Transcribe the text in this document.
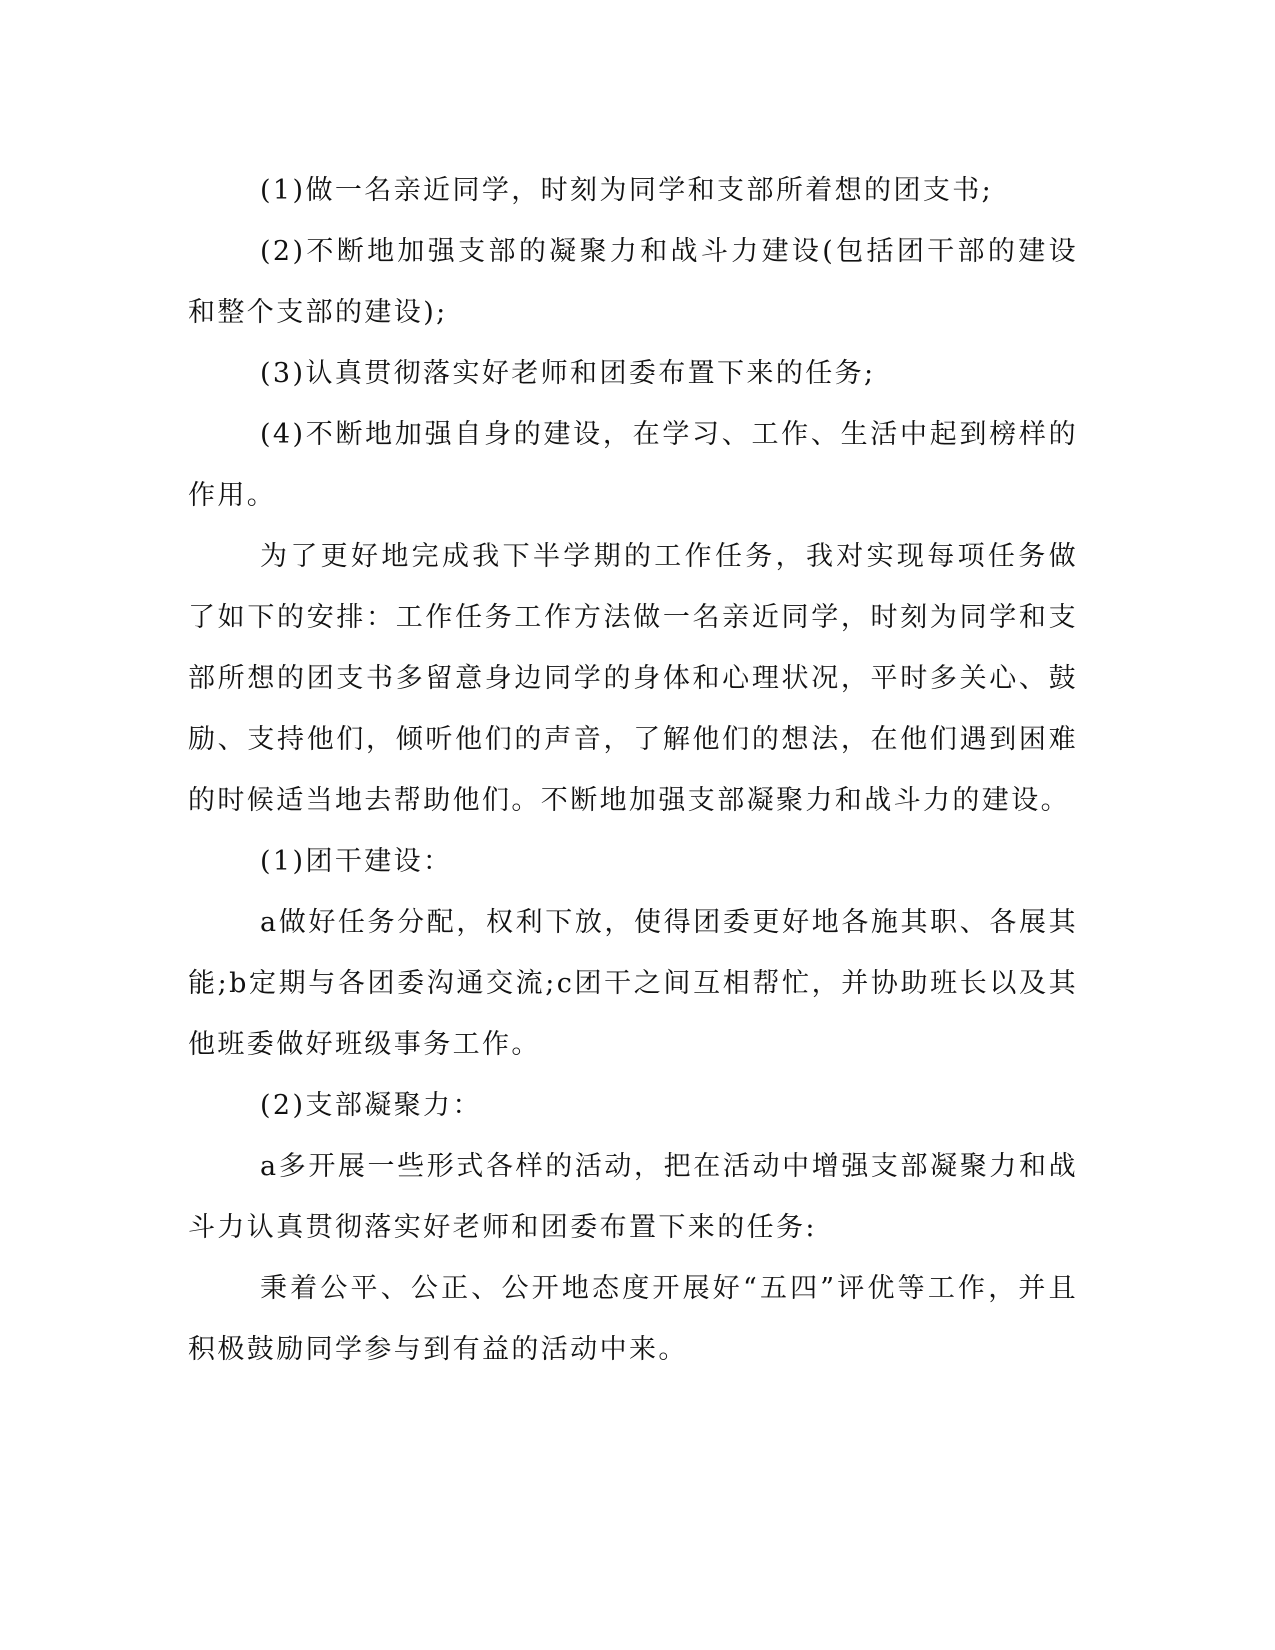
(1)做一名亲近同学，时刻为同学和支部所着想的团支书;

(2)不断地加强支部的凝聚力和战斗力建设(包括团干部的建设和整个支部的建设);

(3)认真贯彻落实好老师和团委布置下来的任务;

(4)不断地加强自身的建设，在学习、工作、生活中起到榜样的作用。

为了更好地完成我下半学期的工作任务，我对实现每项任务做了如下的安排：工作任务工作方法做一名亲近同学，时刻为同学和支部所想的团支书多留意身边同学的身体和心理状况，平时多关心、鼓励、支持他们，倾听他们的声音，了解他们的想法，在他们遇到困难的时候适当地去帮助他们。不断地加强支部凝聚力和战斗力的建设。

(1)团干建设：

a做好任务分配，权利下放，使得团委更好地各施其职、各展其能;b定期与各团委沟通交流;c团干之间互相帮忙，并协助班长以及其他班委做好班级事务工作。

(2)支部凝聚力：

a多开展一些形式各样的活动，把在活动中增强支部凝聚力和战斗力认真贯彻落实好老师和团委布置下来的任务:

秉着公平、公正、公开地态度开展好“五四”评优等工作，并且积极鼓励同学参与到有益的活动中来。
